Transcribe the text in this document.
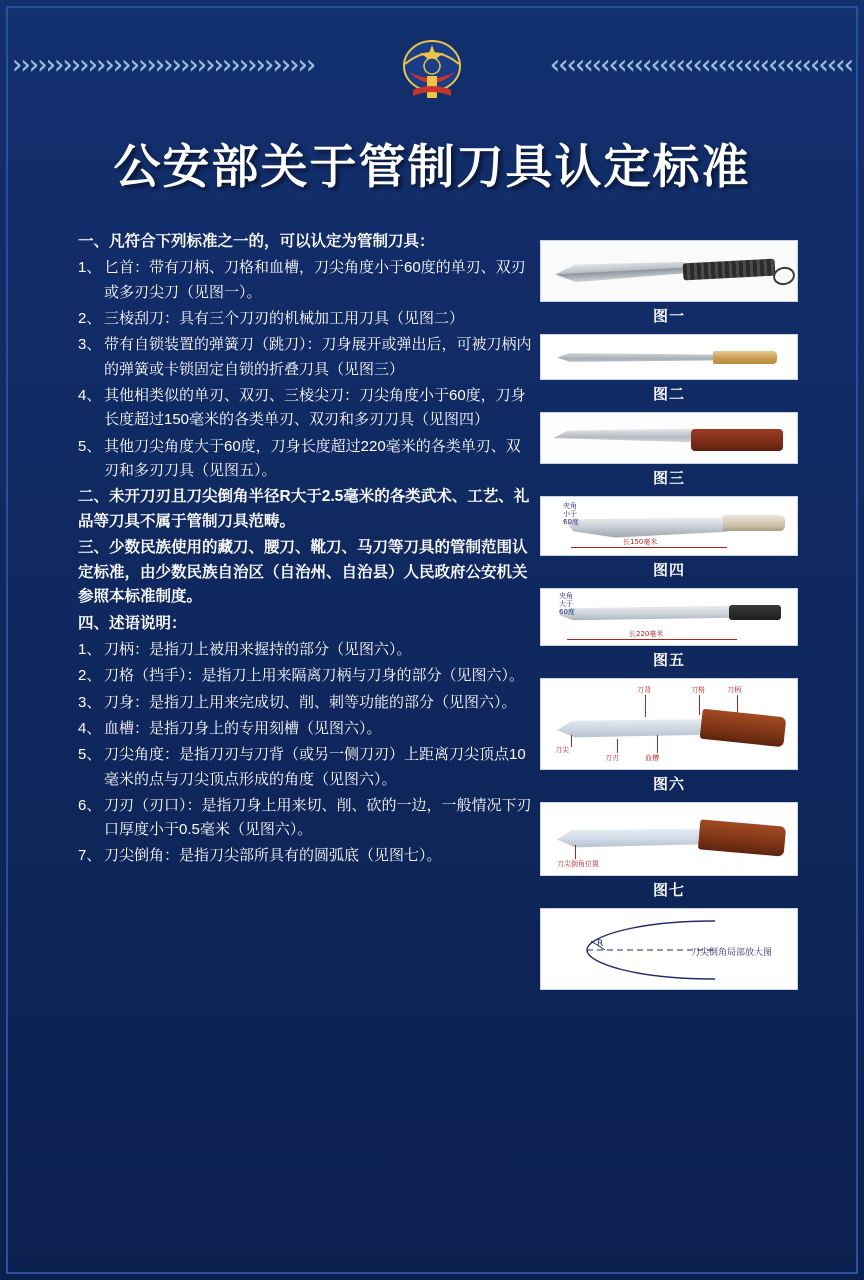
››››››››››››››››››››››››››››››››››››	‹‹‹‹‹‹‹‹‹‹‹‹‹‹‹‹‹‹‹‹‹‹‹‹‹‹‹‹‹‹‹‹‹‹‹‹
公安部关于管制刀具认定标准
一、凡符合下列标准之一的，可以认定为管制刀具：
1、 匕首：带有刀柄、刀格和血槽，刀尖角度小于60度的单刃、双刃或多刃尖刀（见图一）。
2、 三棱刮刀：具有三个刀刃的机械加工用刀具（见图二）
3、 带有自锁装置的弹簧刀（跳刀）：刀身展开或弹出后，可被刀柄内的弹簧或卡锁固定自锁的折叠刀具（见图三）
4、 其他相类似的单刃、双刃、三棱尖刀：刀尖角度小于60度，刀身长度超过150毫米的各类单刃、双刃和多刃刀具（见图四）
5、 其他刀尖角度大于60度，刀身长度超过220毫米的各类单刃、双刃和多刃刀具（见图五）。
二、未开刀刃且刀尖倒角半径R大于2.5毫米的各类武术、工艺、礼品等刀具不属于管制刀具范畴。
三、少数民族使用的藏刀、腰刀、靴刀、马刀等刀具的管制范围认定标准，由少数民族自治区（自治州、自治县）人民政府公安机关参照本标准制度。
四、述语说明：
1、 刀柄：是指刀上被用来握持的部分（见图六）。
2、 刀格（挡手）：是指刀上用来隔离刀柄与刀身的部分（见图六）。
3、 刀身：是指刀上用来完成切、削、刺等功能的部分（见图六）。
4、 血槽：是指刀身上的专用刻槽（见图六）。
5、 刀尖角度：是指刀刃与刀背（或另一侧刀刃）上距离刀尖顶点10毫米的点与刀尖顶点形成的角度（见图六）。
6、 刀刃（刃口）：是指刀身上用来切、削、砍的一边，一般情况下刃口厚度小于0.5毫米（见图六）。
7、 刀尖倒角：是指刀尖部所具有的圆弧底（见图七）。
图一
图二
图三
夹角
小于
60度
长150毫米
图四
夹角
大于
60度
长220毫米
图五
刀背	刀柄
刀格
刀尖
刀刃	血槽
图六
刀尖倒角位置
图七
R
刀尖倒角局部放大图
